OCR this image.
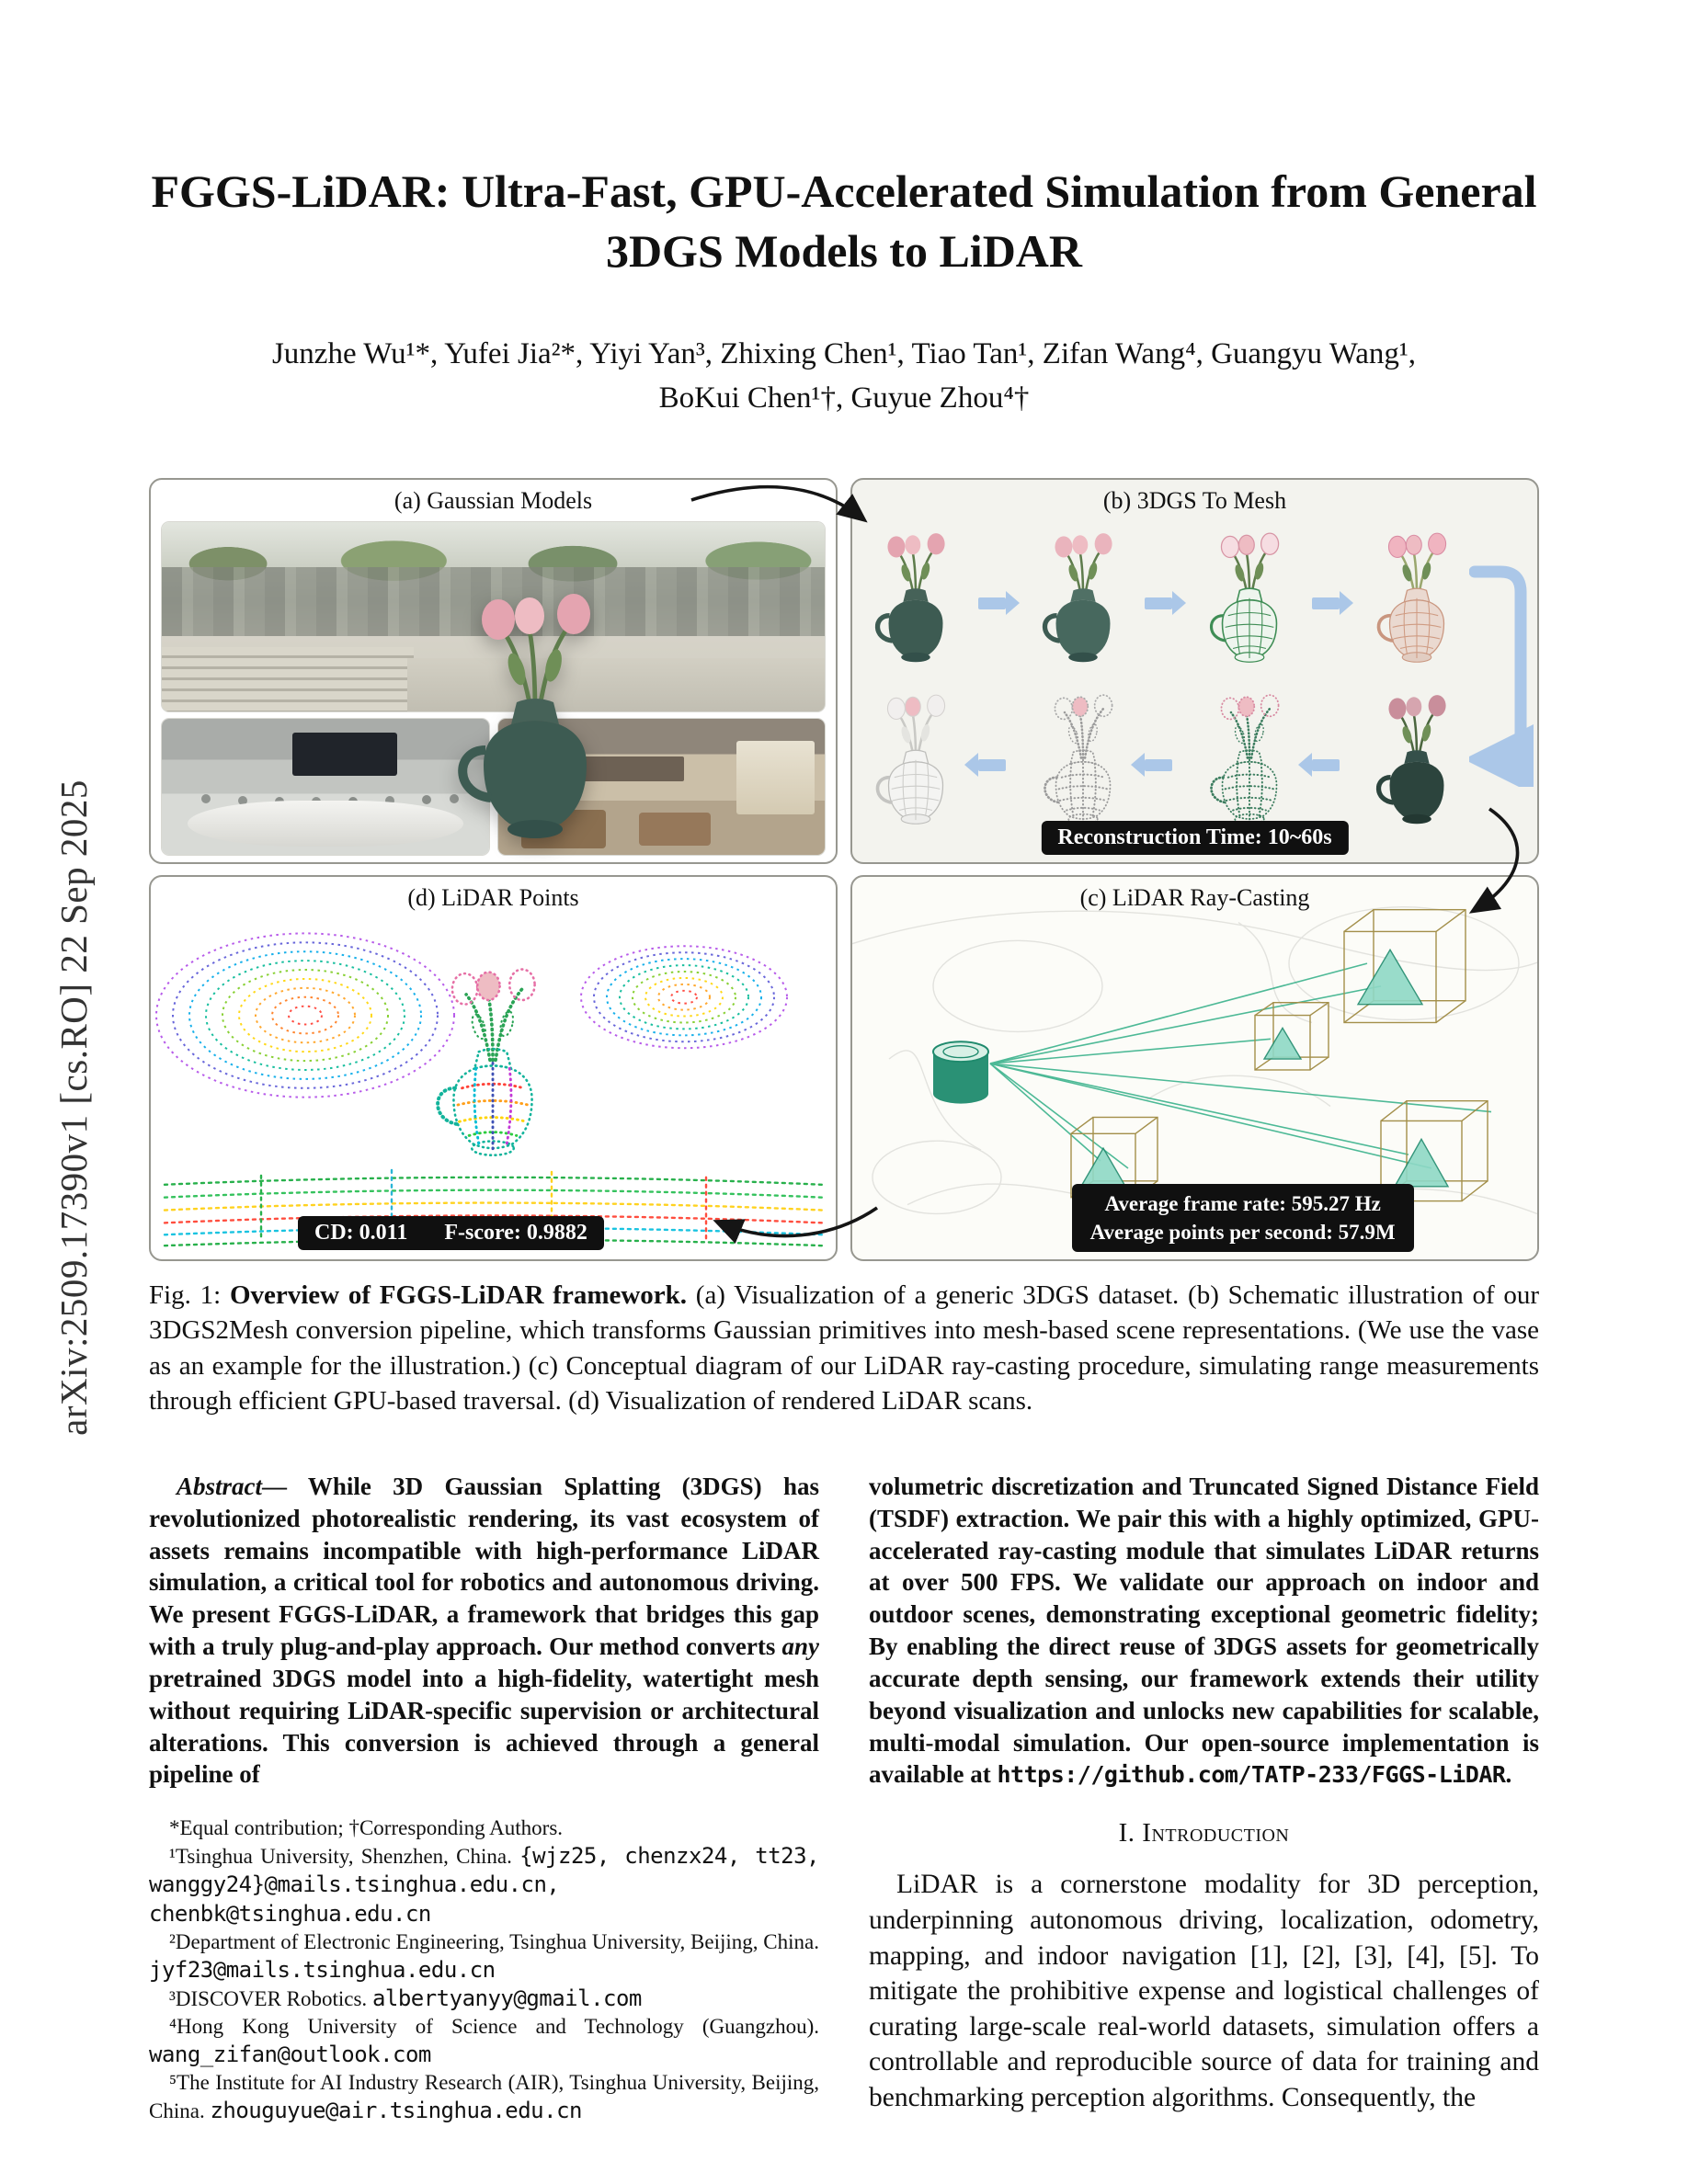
arXiv:2509.17390v1 [cs.RO] 22 Sep 2025
FGGS-LiDAR: Ultra-Fast, GPU-Accelerated Simulation from General
3DGS Models to LiDAR
Junzhe Wu¹*, Yufei Jia²*, Yiyi Yan³, Zhixing Chen¹, Tiao Tan¹, Zifan Wang⁴, Guangyu Wang¹,
BoKui Chen¹†, Guyue Zhou⁴†
(a) Gaussian Models	(b) 3DGS To Mesh
Reconstruction Time: 10~60s
(d) LiDAR Points
CD: 0.011 F-score: 0.9882
(c) LiDAR Ray-Casting
Average frame rate: 595.27 Hz
Average points per second: 57.9M

Fig. 1: Overview of FGGS-LiDAR framework. (a) Visualization of a generic 3DGS dataset. (b) Schematic illustration of our 3DGS2Mesh conversion pipeline, which transforms Gaussian primitives into mesh-based scene representations. (We use the vase as an example for the illustration.) (c) Conceptual diagram of our LiDAR ray-casting procedure, simulating range measurements through efficient GPU-based traversal. (d) Visualization of rendered LiDAR scans.

Abstract— While 3D Gaussian Splatting (3DGS) has revolutionized photorealistic rendering, its vast ecosystem of assets remains incompatible with high-performance LiDAR simulation, a critical tool for robotics and autonomous driving. We present FGGS-LiDAR, a framework that bridges this gap with a truly plug-and-play approach. Our method converts any pretrained 3DGS model into a high-fidelity, watertight mesh without requiring LiDAR-specific supervision or architectural alterations. This conversion is achieved through a general pipeline of

*Equal contribution; †Corresponding Authors.

¹Tsinghua University, Shenzhen, China. {wjz25, chenzx24, tt23, wanggy24}@mails.tsinghua.edu.cn, chenbk@tsinghua.edu.cn

²Department of Electronic Engineering, Tsinghua University, Beijing, China. jyf23@mails.tsinghua.edu.cn

³DISCOVER Robotics. albertyanyy@gmail.com

⁴Hong Kong University of Science and Technology (Guangzhou). wang_zifan@outlook.com

⁵The Institute for AI Industry Research (AIR), Tsinghua University, Beijing, China. zhouguyue@air.tsinghua.edu.cn

volumetric discretization and Truncated Signed Distance Field (TSDF) extraction. We pair this with a highly optimized, GPU-accelerated ray-casting module that simulates LiDAR returns at over 500 FPS. We validate our approach on indoor and outdoor scenes, demonstrating exceptional geometric fidelity; By enabling the direct reuse of 3DGS assets for geometrically accurate depth sensing, our framework extends their utility beyond visualization and unlocks new capabilities for scalable, multi-modal simulation. Our open-source implementation is available at https://github.com/TATP-233/FGGS-LiDAR.

I. Introduction

LiDAR is a cornerstone modality for 3D perception, underpinning autonomous driving, localization, odometry, mapping, and indoor navigation [1], [2], [3], [4], [5]. To mitigate the prohibitive expense and logistical challenges of curating large-scale real-world datasets, simulation offers a controllable and reproducible source of data for training and benchmarking perception algorithms. Consequently, the
